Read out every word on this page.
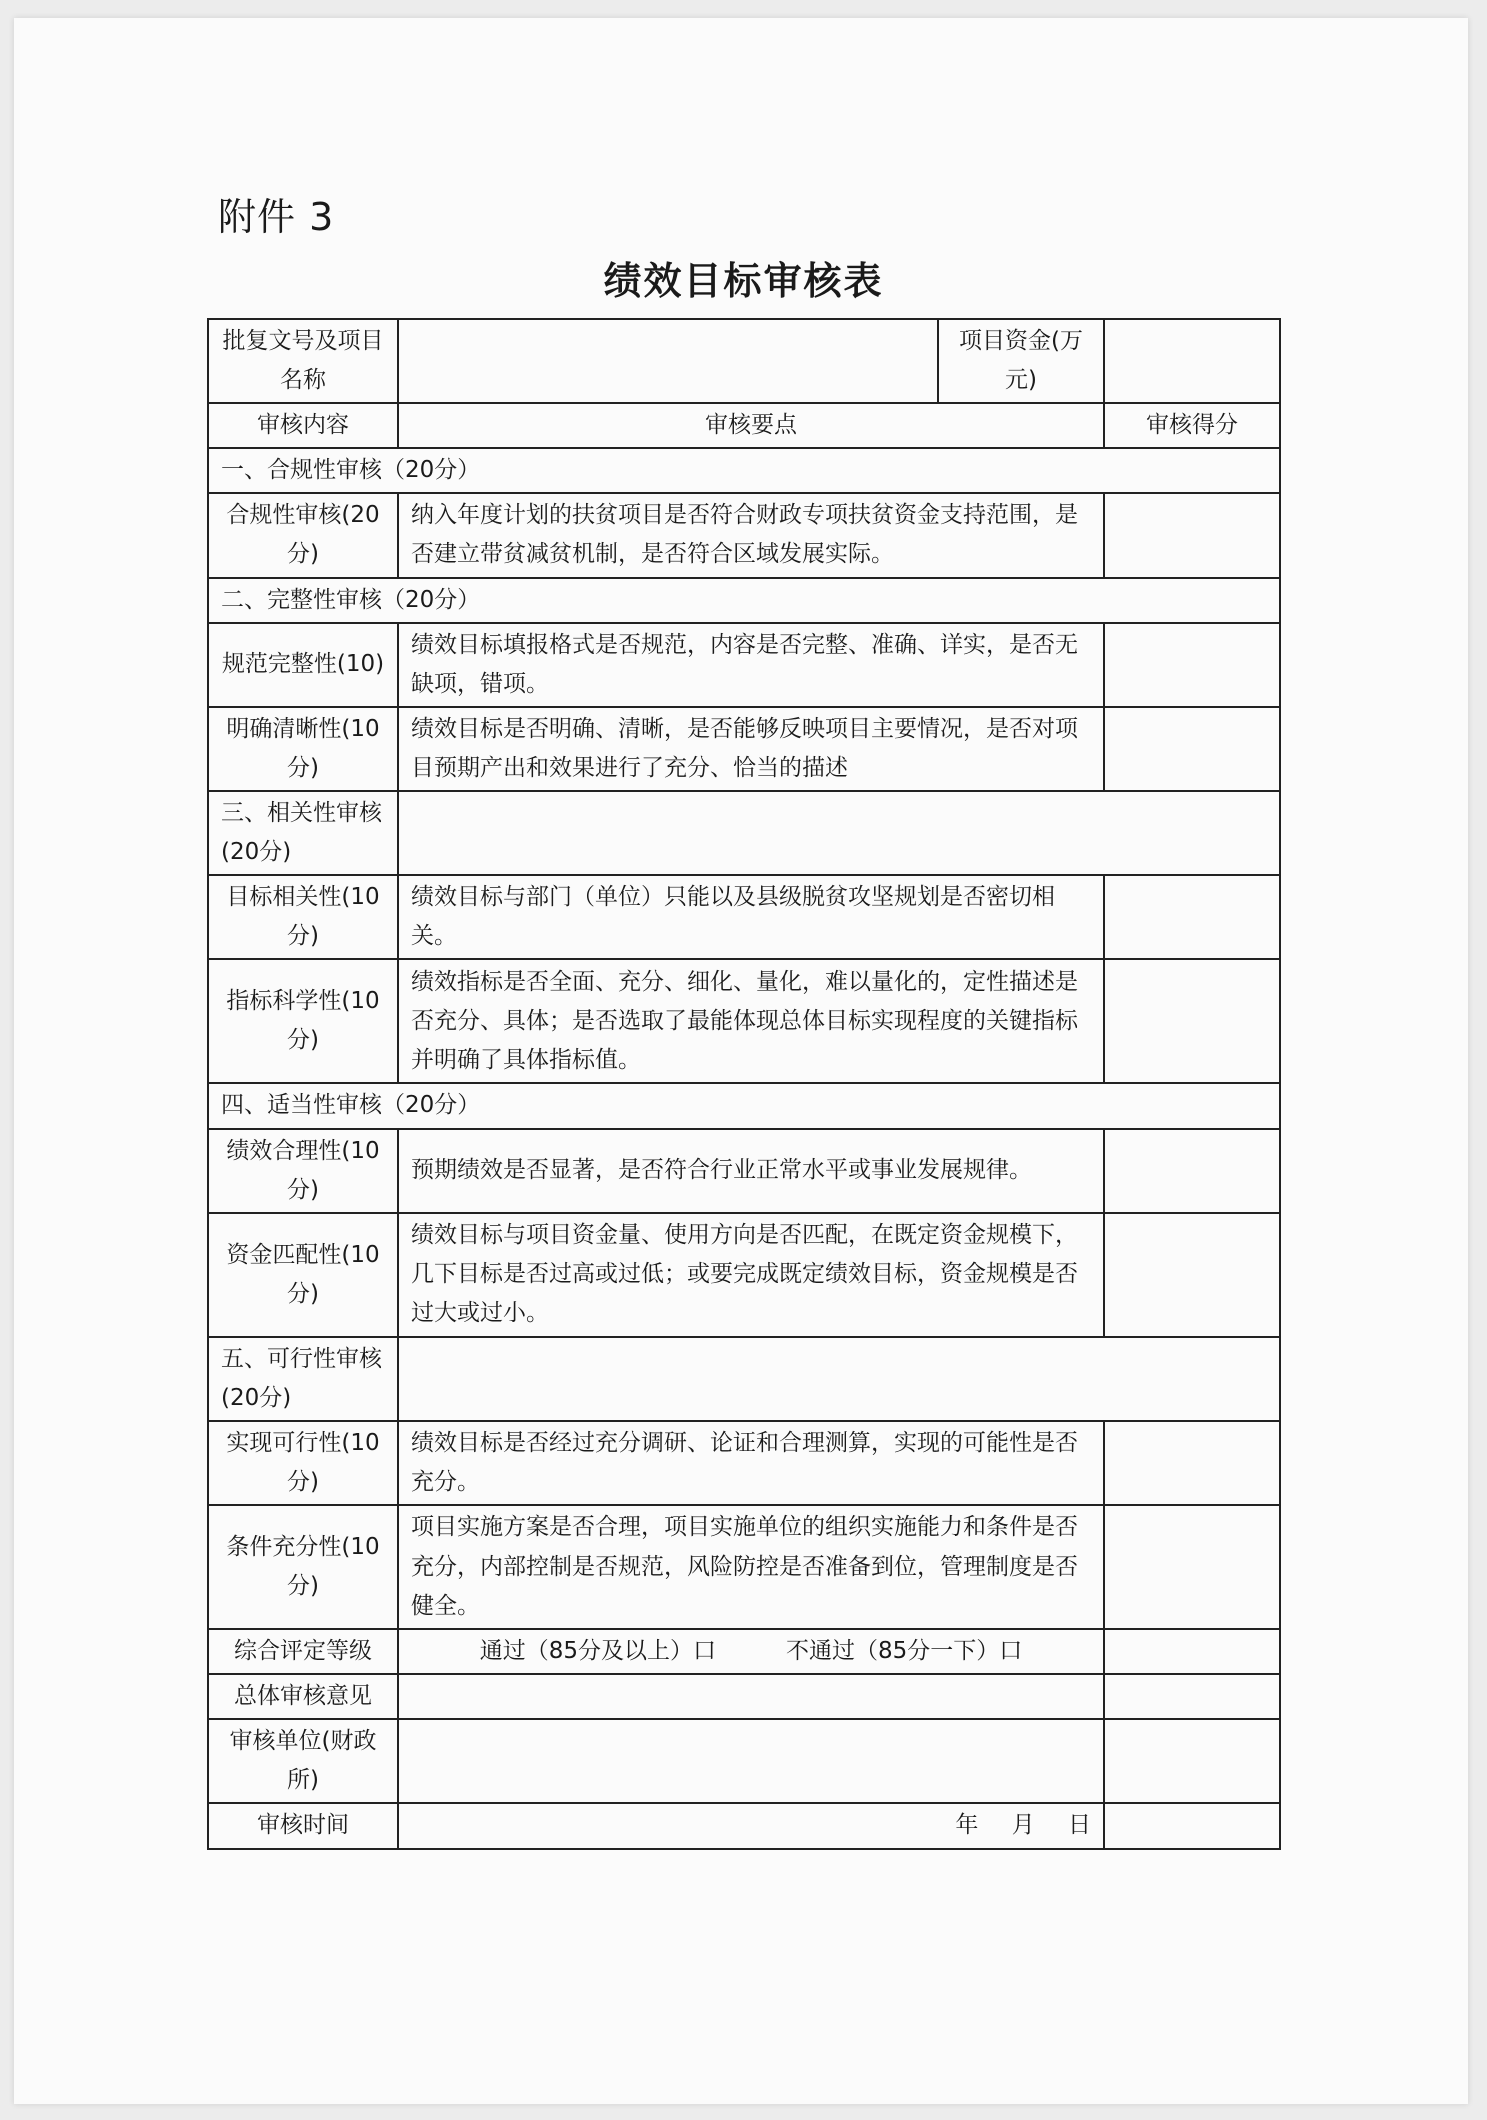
附件 3
绩效目标审核表
批复文号及项目名称		项目资金(万元)	
审核内容	审核要点		审核得分
一、合规性审核（20分）			
合规性审核(20分)	纳入年度计划的扶贫项目是否符合财政专项扶贫资金支持范围，是否建立带贫减贫机制，是否符合区域发展实际。		
二、完整性审核（20分）			
规范完整性(10)	绩效目标填报格式是否规范，内容是否完整、准确、详实，是否无缺项，错项。		
明确清晰性(10分)	绩效目标是否明确、清晰，是否能够反映项目主要情况，是否对项目预期产出和效果进行了充分、恰当的描述		
三、相关性审核(20分)			
目标相关性(10分)	绩效目标与部门（单位）只能以及县级脱贫攻坚规划是否密切相关。		
指标科学性(10分)	绩效指标是否全面、充分、细化、量化，难以量化的，定性描述是否充分、具体；是否选取了最能体现总体目标实现程度的关键指标并明确了具体指标值。		
四、适当性审核（20分）			
绩效合理性(10分)	预期绩效是否显著，是否符合行业正常水平或事业发展规律。		
资金匹配性(10分)	绩效目标与项目资金量、使用方向是否匹配，在既定资金规模下，几下目标是否过高或过低；或要完成既定绩效目标，资金规模是否过大或过小。		
五、可行性审核(20分)			
实现可行性(10分)	绩效目标是否经过充分调研、论证和合理测算，实现的可能性是否充分。		
条件充分性(10分)	项目实施方案是否合理，项目实施单位的组织实施能力和条件是否充分，内部控制是否规范，风险防控是否准备到位，管理制度是否健全。		
综合评定等级	通过（85分及以上）口 不通过（85分一下）口		

总体审核意见			
审核单位(财政所)			
审核时间	年 月 日		
